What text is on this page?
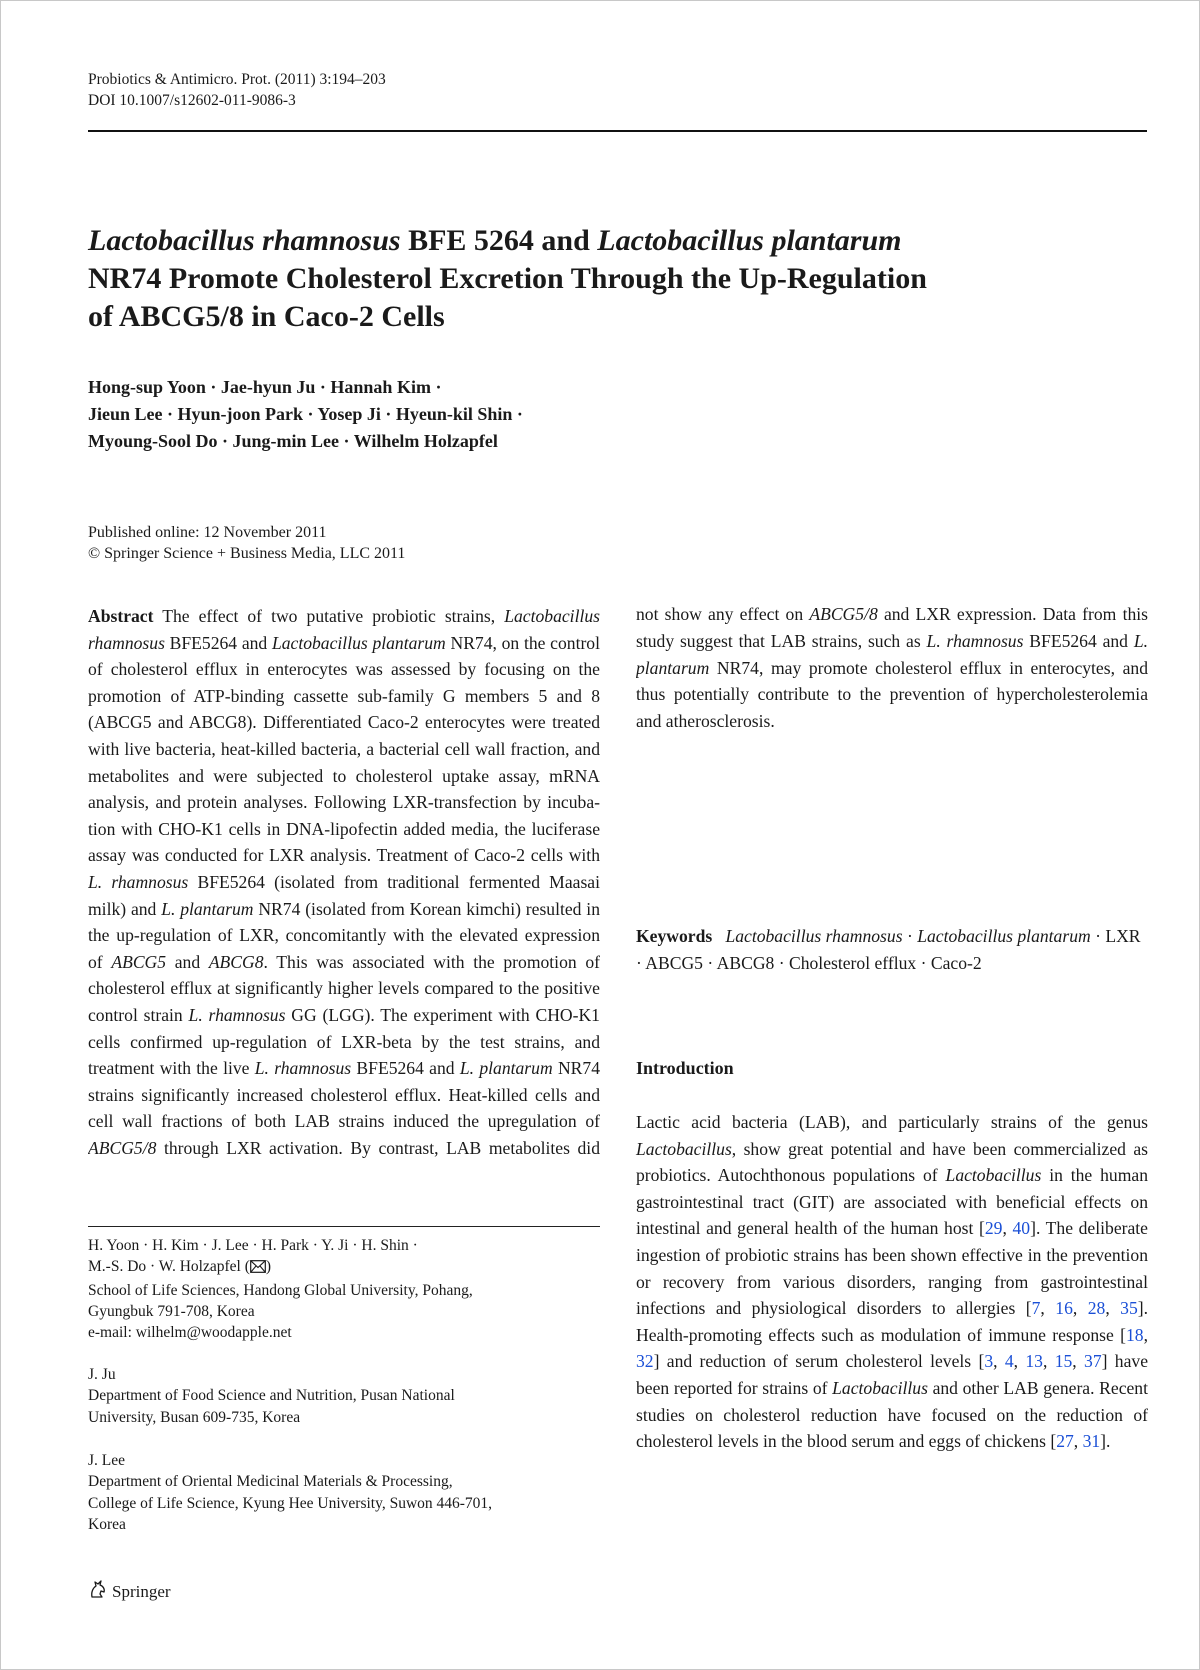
Probiotics & Antimicro. Prot. (2011) 3:194–203
DOI 10.1007/s12602-011-9086-3
Lactobacillus rhamnosus BFE 5264 and Lactobacillus plantarum
NR74 Promote Cholesterol Excretion Through the Up-Regulation
of ABCG5/8 in Caco-2 Cells
Hong-sup Yoon · Jae-hyun Ju · Hannah Kim ·
Jieun Lee · Hyun-joon Park · Yosep Ji · Hyeun-kil Shin ·
Myoung-Sool Do · Jung-min Lee · Wilhelm Holzapfel
Published online: 12 November 2011
© Springer Science + Business Media, LLC 2011

Abstract The effect of two putative probiotic strains, Lactobacillus rhamnosus BFE5264 and Lactobacillus plantarum NR74, on the control of cholesterol efflux in enterocytes was assessed by focusing on the promotion of ATP-binding cassette sub-family G members 5 and 8 (ABCG5 and ABCG8). Differentiated Caco-2 enterocytes were treated with live bacteria, heat-killed bacteria, a bacterial cell wall fraction, and metabolites and were subjected to cholesterol uptake assay, mRNA analysis, and protein analyses. Following LXR-transfection by incubation with CHO-K1 cells in DNA-lipofectin added media, the luciferase assay was conducted for LXR analysis. Treatment of Caco-2 cells with L. rhamnosus BFE5264 (isolated from traditional fermented Maasai milk) and L. plantarum NR74 (isolated from Korean kimchi) resulted in the up-regulation of LXR, concomitantly with the elevated expression of ABCG5 and ABCG8. This was associated with the promotion of cholesterol efflux at significantly higher levels compared to the positive control strain L. rhamnosus GG (LGG). The experiment with CHO-K1 cells confirmed up-regulation of LXR-beta by the test strains, and treatment with the live L. rhamnosus BFE5264 and L. plantarum NR74 strains significantly increased cholesterol efflux. Heat-killed cells and cell wall fractions of both LAB strains induced the upregulation of ABCG5/8 through LXR activation. By contrast, LAB metabolites did

H. Yoon · H. Kim · J. Lee · H. Park · Y. Ji · H. Shin ·
M.-S. Do · W. Holzapfel ( )
School of Life Sciences, Handong Global University, Pohang,
Gyungbuk 791-708, Korea
e-mail: wilhelm@woodapple.net
J. Ju
Department of Food Science and Nutrition, Pusan National
University, Busan 609-735, Korea
J. Lee
Department of Oriental Medicinal Materials & Processing,
College of Life Science, Kyung Hee University, Suwon 446-701,
Korea

not show any effect on ABCG5/8 and LXR expression. Data from this study suggest that LAB strains, such as L. rhamnosus BFE5264 and L. plantarum NR74, may promote cholesterol efflux in enterocytes, and thus potentially contribute to the prevention of hypercholesterolemia and atherosclerosis.

Keywords Lactobacillus rhamnosus · Lactobacillus plantarum · LXR · ABCG5 · ABCG8 · Cholesterol efflux · Caco-2

Introduction

Lactic acid bacteria (LAB), and particularly strains of the genus Lactobacillus, show great potential and have been commercialized as probiotics. Autochthonous populations of Lactobacillus in the human gastrointestinal tract (GIT) are associated with beneficial effects on intestinal and general health of the human host [29, 40]. The deliberate ingestion of probiotic strains has been shown effective in the prevention or recovery from various disorders, ranging from gastrointestinal infections and physiological disorders to allergies [7, 16, 28, 35]. Health-promoting effects such as modulation of immune response [18, 32] and reduction of serum cholesterol levels [3, 4, 13, 15, 37] have been reported for strains of Lactobacillus and other LAB genera. Recent studies on cholesterol reduction have focused on the reduction of cholesterol levels in the blood serum and eggs of chickens [27, 31].

Springer
